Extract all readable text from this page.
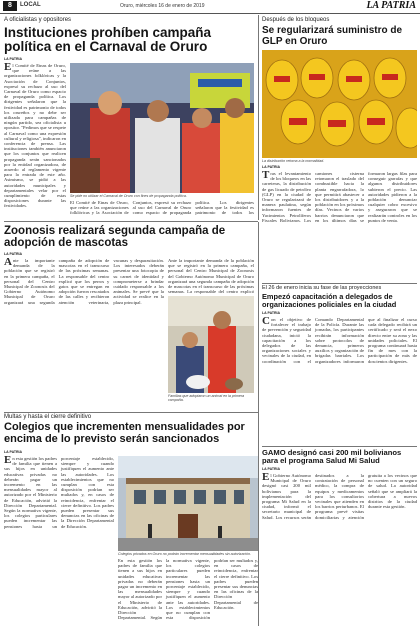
8	LOCAL	Oruro, miércoles 16 de enero de 2019	LA PATRIA
A oficialistas y opositores
Instituciones prohíben campaña política en el Carnaval de Oruro
LA PATRIA
El Comité de Etnas de Oruro, que reúne a las organizaciones folklóricas y la Asociación de Conjuntos, expresó su rechazo al uso del Carnaval de Oruro como espacio de propaganda política. Los dirigentes señalaron que la festividad es patrimonio de todos los orureños y no debe ser utilizada para campañas de ningún partido, sea oficialista u opositor. "Pedimos que se respete al Carnaval como una expresión cultural y religiosa", indicaron en conferencia de prensa. Las instituciones también anunciaron que los conjuntos que realicen propaganda serán sancionados por la entidad organizadora, de acuerdo al reglamento vigente para la entrada de este año. Asimismo, se pidió a las autoridades municipales y departamentales velar por el cumplimiento de estas disposiciones durante las festividades.
Se pide no utilizar el Carnaval de Oruro con fines de propaganda política.
El Comité de Etnas de Oruro, que reúne a las organizaciones folklóricas y la Asociación de Conjuntos, expresó su rechazo al uso del Carnaval de Oruro como espacio de propaganda política. Los dirigentes señalaron que la festividad es patrimonio de todos los
Después de los bloqueos
Se regularizará suministro de GLP en Oruro
La distribución retorna a la normalidad.
LA PATRIA
Tras el levantamiento de los bloqueos en las carreteras, la distribución de gas licuado de petróleo (GLP) en la ciudad de Oruro se regularizará de manera paulatina, según informaron fuentes de Yacimientos Petrolíferos Fiscales Bolivianos. Los camiones cisterna retomaron el traslado del combustible hacia la planta engarrafadora, lo que permitirá abastecer a los distribuidores y a la población en los próximos días. Vecinos de varios barrios denunciaron que en los últimos días se formaron largas filas para conseguir garrafas y que algunos distribuidores subieron el precio. Las autoridades pidieron a la población denunciar cualquier cobro excesivo y aseguraron que se realizarán controles en los puntos de venta.
Zoonosis realizará segunda campaña de adopción de mascotas
LA PATRIA
Ante la importante demanda de la población que se registró en la primera campaña, el personal del Centro Municipal de Zoonosis del Gobierno Autónomo Municipal de Oruro organizará una segunda campaña de adopción de mascotas en el transcurso de las próximas semanas. La responsable del centro explicó que los perros y gatos que se entregan en adopción fueron rescatados de las calles y recibieron atención veterinaria, vacunas y desparasitación. Los interesados deberán presentar una fotocopia de su carnet de identidad y comprometerse a brindar cuidado responsable a los animales. Se prevé que la actividad se realice en la plaza principal.
Familias que adoptaron un animal en la primera campaña.
Ante la importante demanda de la población que se registró en la primera campaña, el personal del Centro Municipal de Zoonosis del Gobierno Autónomo Municipal de Oruro organizará una segunda campaña de adopción de mascotas en el transcurso de las próximas semanas. La responsable del centro explicó
El 26 de enero inicia su fase de las proyecciones
Empezó capacitación a delegados de organizaciones policiales en la ciudad
LA PATRIA
Con el objetivo de fortalecer el trabajo de prevención y seguridad ciudadana, inició la capacitación a los delegados de las organizaciones sociales y vecinales de la ciudad, en coordinación con el Comando Departamental de la Policía. Durante las jornadas, los participantes recibirán información sobre protocolos de denuncia, primeros auxilios y organización de brigadas barriales. Los organizadores informaron que al finalizar el curso cada delegado recibirá un certificado y será el nexo directo entre su zona y las unidades policiales. El programa continuará hasta fin de mes con la participación de más de doscientos dirigentes.
Multas y hasta el cierre definitivo
Colegios que incrementen mensualidades por encima de lo previsto serán sancionados
LA PATRIA
En esta gestión los padres de familia que tienen a sus hijos en unidades educativas privadas no deberán pagar un incremento en las mensualidades mayor al autorizado por el Ministerio de Educación, advirtió la Dirección Departamental. Según la normativa vigente, los colegios particulares pueden incrementar las pensiones hasta un porcentaje establecido, siempre y cuando justifiquen el aumento ante las autoridades. Los establecimientos que no cumplan con esta disposición podrían ser multados y, en casos de reincidencia, enfrentar el cierre definitivo. Los padres pueden presentar sus denuncias en las oficinas de la Dirección Departamental de Educación.
Colegios privados en Oruro no podrán incrementar mensualidades sin autorización.
En esta gestión los padres de familia que tienen a sus hijos en unidades educativas privadas no deberán pagar un incremento en las mensualidades mayor al autorizado por el Ministerio de Educación, advirtió la Dirección Departamental. Según la normativa vigente, los colegios particulares pueden incrementar las pensiones hasta un porcentaje establecido, siempre y cuando justifiquen el aumento ante las autoridades. Los establecimientos que no cumplan con esta disposición podrían ser multados y, en casos de reincidencia, enfrentar el cierre definitivo. Los padres pueden presentar sus denuncias en las oficinas de la Dirección Departamental de Educación.
GAMO designó casi 200 mil bolivianos para el programa Salud Mi Salud
LA PATRIA
El Gobierno Autónomo Municipal de Oruro designó casi 200 mil bolivianos para la implementación del programa Mi Salud en la ciudad, informó el secretario municipal de Salud. Los recursos serán destinados a la contratación de personal médico, la compra de equipos y medicamentos para los consultorios vecinales que atienden en los barrios periurbanos. El programa prevé visitas domiciliarias y atención gratuita a los vecinos que no cuenten con un seguro de salud. La autoridad señaló que se ampliará la cobertura a nuevos distritos de la ciudad durante esta gestión.
